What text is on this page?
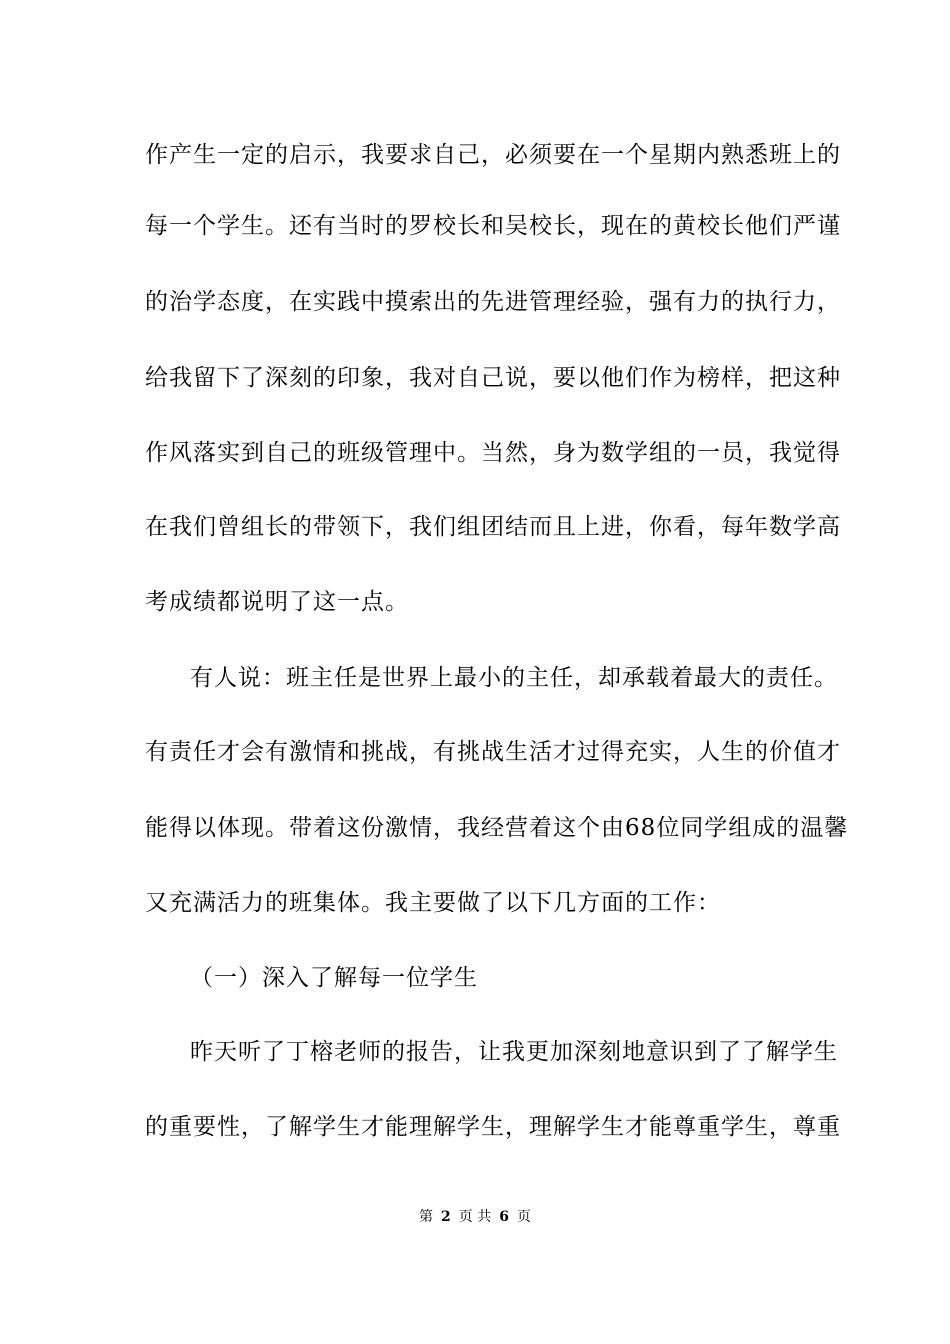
作产生一定的启示，我要求自己，必须要在一个星期内熟悉班上的
每一个学生。还有当时的罗校长和吴校长，现在的黄校长他们严谨
的治学态度，在实践中摸索出的先进管理经验，强有力的执行力，
给我留下了深刻的印象，我对自己说，要以他们作为榜样，把这种
作风落实到自己的班级管理中。当然，身为数学组的一员，我觉得
在我们曾组长的带领下，我们组团结而且上进，你看，每年数学高
考成绩都说明了这一点。
有人说：班主任是世界上最小的主任，却承载着最大的责任。
有责任才会有激情和挑战，有挑战生活才过得充实，人生的价值才
能得以体现。带着这份激情，我经营着这个由68位同学组成的温馨
又充满活力的班集体。我主要做了以下几方面的工作：
（一）深入了解每一位学生
昨天听了丁榕老师的报告，让我更加深刻地意识到了了解学生
的重要性，了解学生才能理解学生，理解学生才能尊重学生，尊重
第 2 页 共 6 页
